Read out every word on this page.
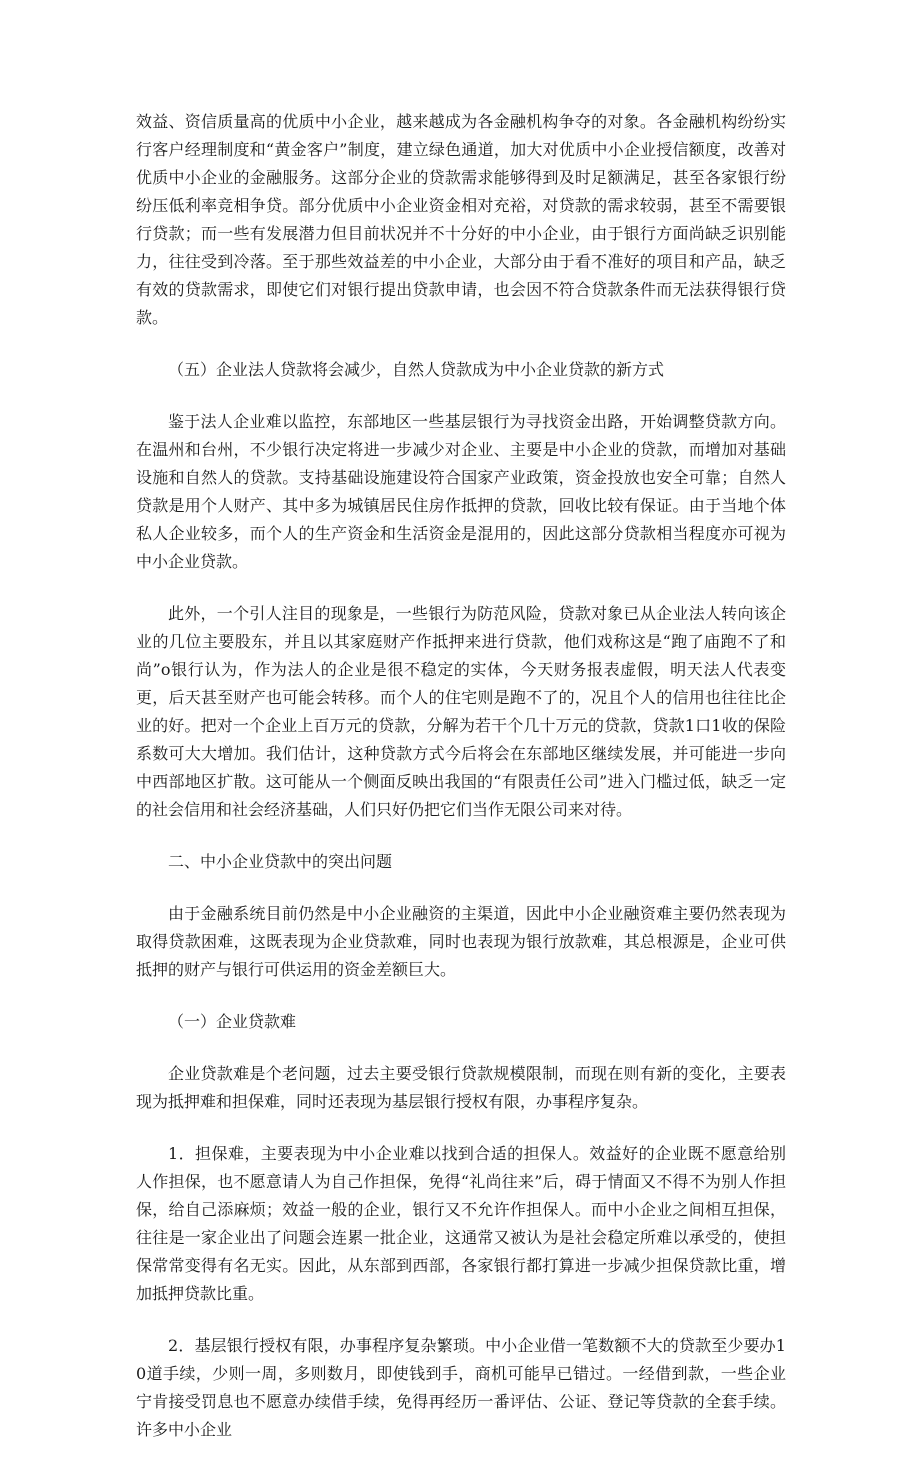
效益、资信质量高的优质中小企业，越来越成为各金融机构争夺的对象。各金融机构纷纷实行客户经理制度和“黄金客户”制度，建立绿色通道，加大对优质中小企业授信额度，改善对优质中小企业的金融服务。这部分企业的贷款需求能够得到及时足额满足，甚至各家银行纷纷压低利率竞相争贷。部分优质中小企业资金相对充裕，对贷款的需求较弱，甚至不需要银行贷款；而一些有发展潜力但目前状况并不十分好的中小企业，由于银行方面尚缺乏识别能力，往往受到冷落。至于那些效益差的中小企业，大部分由于看不准好的项目和产品，缺乏有效的贷款需求，即使它们对银行提出贷款申请，也会因不符合贷款条件而无法获得银行贷款。

（五）企业法人贷款将会减少，自然人贷款成为中小企业贷款的新方式

鉴于法人企业难以监控，东部地区一些基层银行为寻找资金出路，开始调整贷款方向。在温州和台州，不少银行决定将进一步减少对企业、主要是中小企业的贷款，而增加对基础设施和自然人的贷款。支持基础设施建设符合国家产业政策，资金投放也安全可靠；自然人贷款是用个人财产、其中多为城镇居民住房作抵押的贷款，回收比较有保证。由于当地个体私人企业较多，而个人的生产资金和生活资金是混用的，因此这部分贷款相当程度亦可视为中小企业贷款。

此外，一个引人注目的现象是，一些银行为防范风险，贷款对象已从企业法人转向该企业的几位主要股东，并且以其家庭财产作抵押来进行贷款，他们戏称这是“跑了庙跑不了和尚”o银行认为，作为法人的企业是很不稳定的实体，今天财务报表虚假，明天法人代表变更，后天甚至财产也可能会转移。而个人的住宅则是跑不了的，况且个人的信用也往往比企业的好。把对一个企业上百万元的贷款，分解为若干个几十万元的贷款，贷款1口1收的保险系数可大大增加。我们估计，这种贷款方式今后将会在东部地区继续发展，并可能进一步向中西部地区扩散。这可能从一个侧面反映出我国的“有限责任公司”进入门槛过低，缺乏一定的社会信用和社会经济基础，人们只好仍把它们当作无限公司来对待。

二、中小企业贷款中的突出问题

由于金融系统目前仍然是中小企业融资的主渠道，因此中小企业融资难主要仍然表现为取得贷款困难，这既表现为企业贷款难，同时也表现为银行放款难，其总根源是，企业可供抵押的财产与银行可供运用的资金差额巨大。

（一）企业贷款难

企业贷款难是个老问题，过去主要受银行贷款规模限制，而现在则有新的变化，主要表现为抵押难和担保难，同时还表现为基层银行授权有限，办事程序复杂。

1．担保难，主要表现为中小企业难以找到合适的担保人。效益好的企业既不愿意给别人作担保，也不愿意请人为自己作担保，免得“礼尚往来”后，碍于情面又不得不为别人作担保，给自己添麻烦；效益一般的企业，银行又不允许作担保人。而中小企业之间相互担保，往往是一家企业出了问题会连累一批企业，这通常又被认为是社会稳定所难以承受的，使担保常常变得有名无实。因此，从东部到西部，各家银行都打算进一步减少担保贷款比重，增加抵押贷款比重。

2．基层银行授权有限，办事程序复杂繁琐。中小企业借一笔数额不大的贷款至少要办10道手续，少则一周，多则数月，即使钱到手，商机可能早已错过。一经借到款，一些企业宁肯接受罚息也不愿意办续借手续，免得再经历一番评估、公证、登记等贷款的全套手续。许多中小企业
